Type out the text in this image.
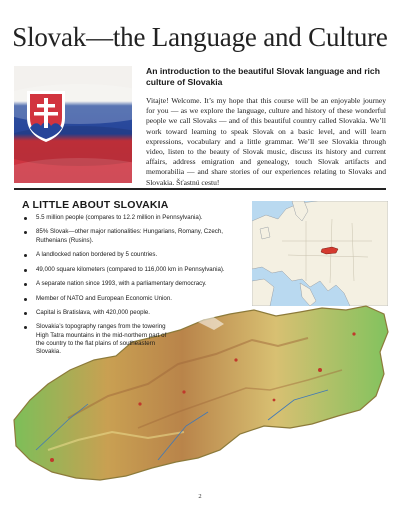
Slovak—the Language and Culture
An introduction to the beautiful Slovak language and rich culture of Slovakia
Vitajte! Welcome. It’s my hope that this course will be an enjoyable journey for you — as we explore the language, culture and history of these wonderful people we call Slovaks — and of this beautiful country called Slovakia. We’ll work toward learning to speak Slovak on a basic level, and will learn expressions, vocabulary and a little grammar. We’ll see Slovakia through video, listen to the beauty of Slovak music, discuss its history and current affairs, address emigration and genealogy, touch Slovak artifacts and memorabilia — and share stories of our experiences relating to Slovaks and Slovakia. Šťastnú cestu!
A LITTLE ABOUT SLOVAKIA
5.5 million people (compares to 12.2 million in Pennsylvania).
85% Slovak—other major nationalities: Hungarians, Romany, Czech, Ruthenians (Rusins).
A landlocked nation bordered by 5 countries.
49,000 square kilometers (compared to 116,000 km in Pennsylvania).
A separate nation since 1993, with a parliamentary democracy.
Member of NATO and European Economic Union.
Capital is Bratislava, with 420,000 people.
Slovakia’s topography ranges from the towering High Tatra mountains in the mid-northern part of the country to the flat plains of southeastern Slovakia.
2
